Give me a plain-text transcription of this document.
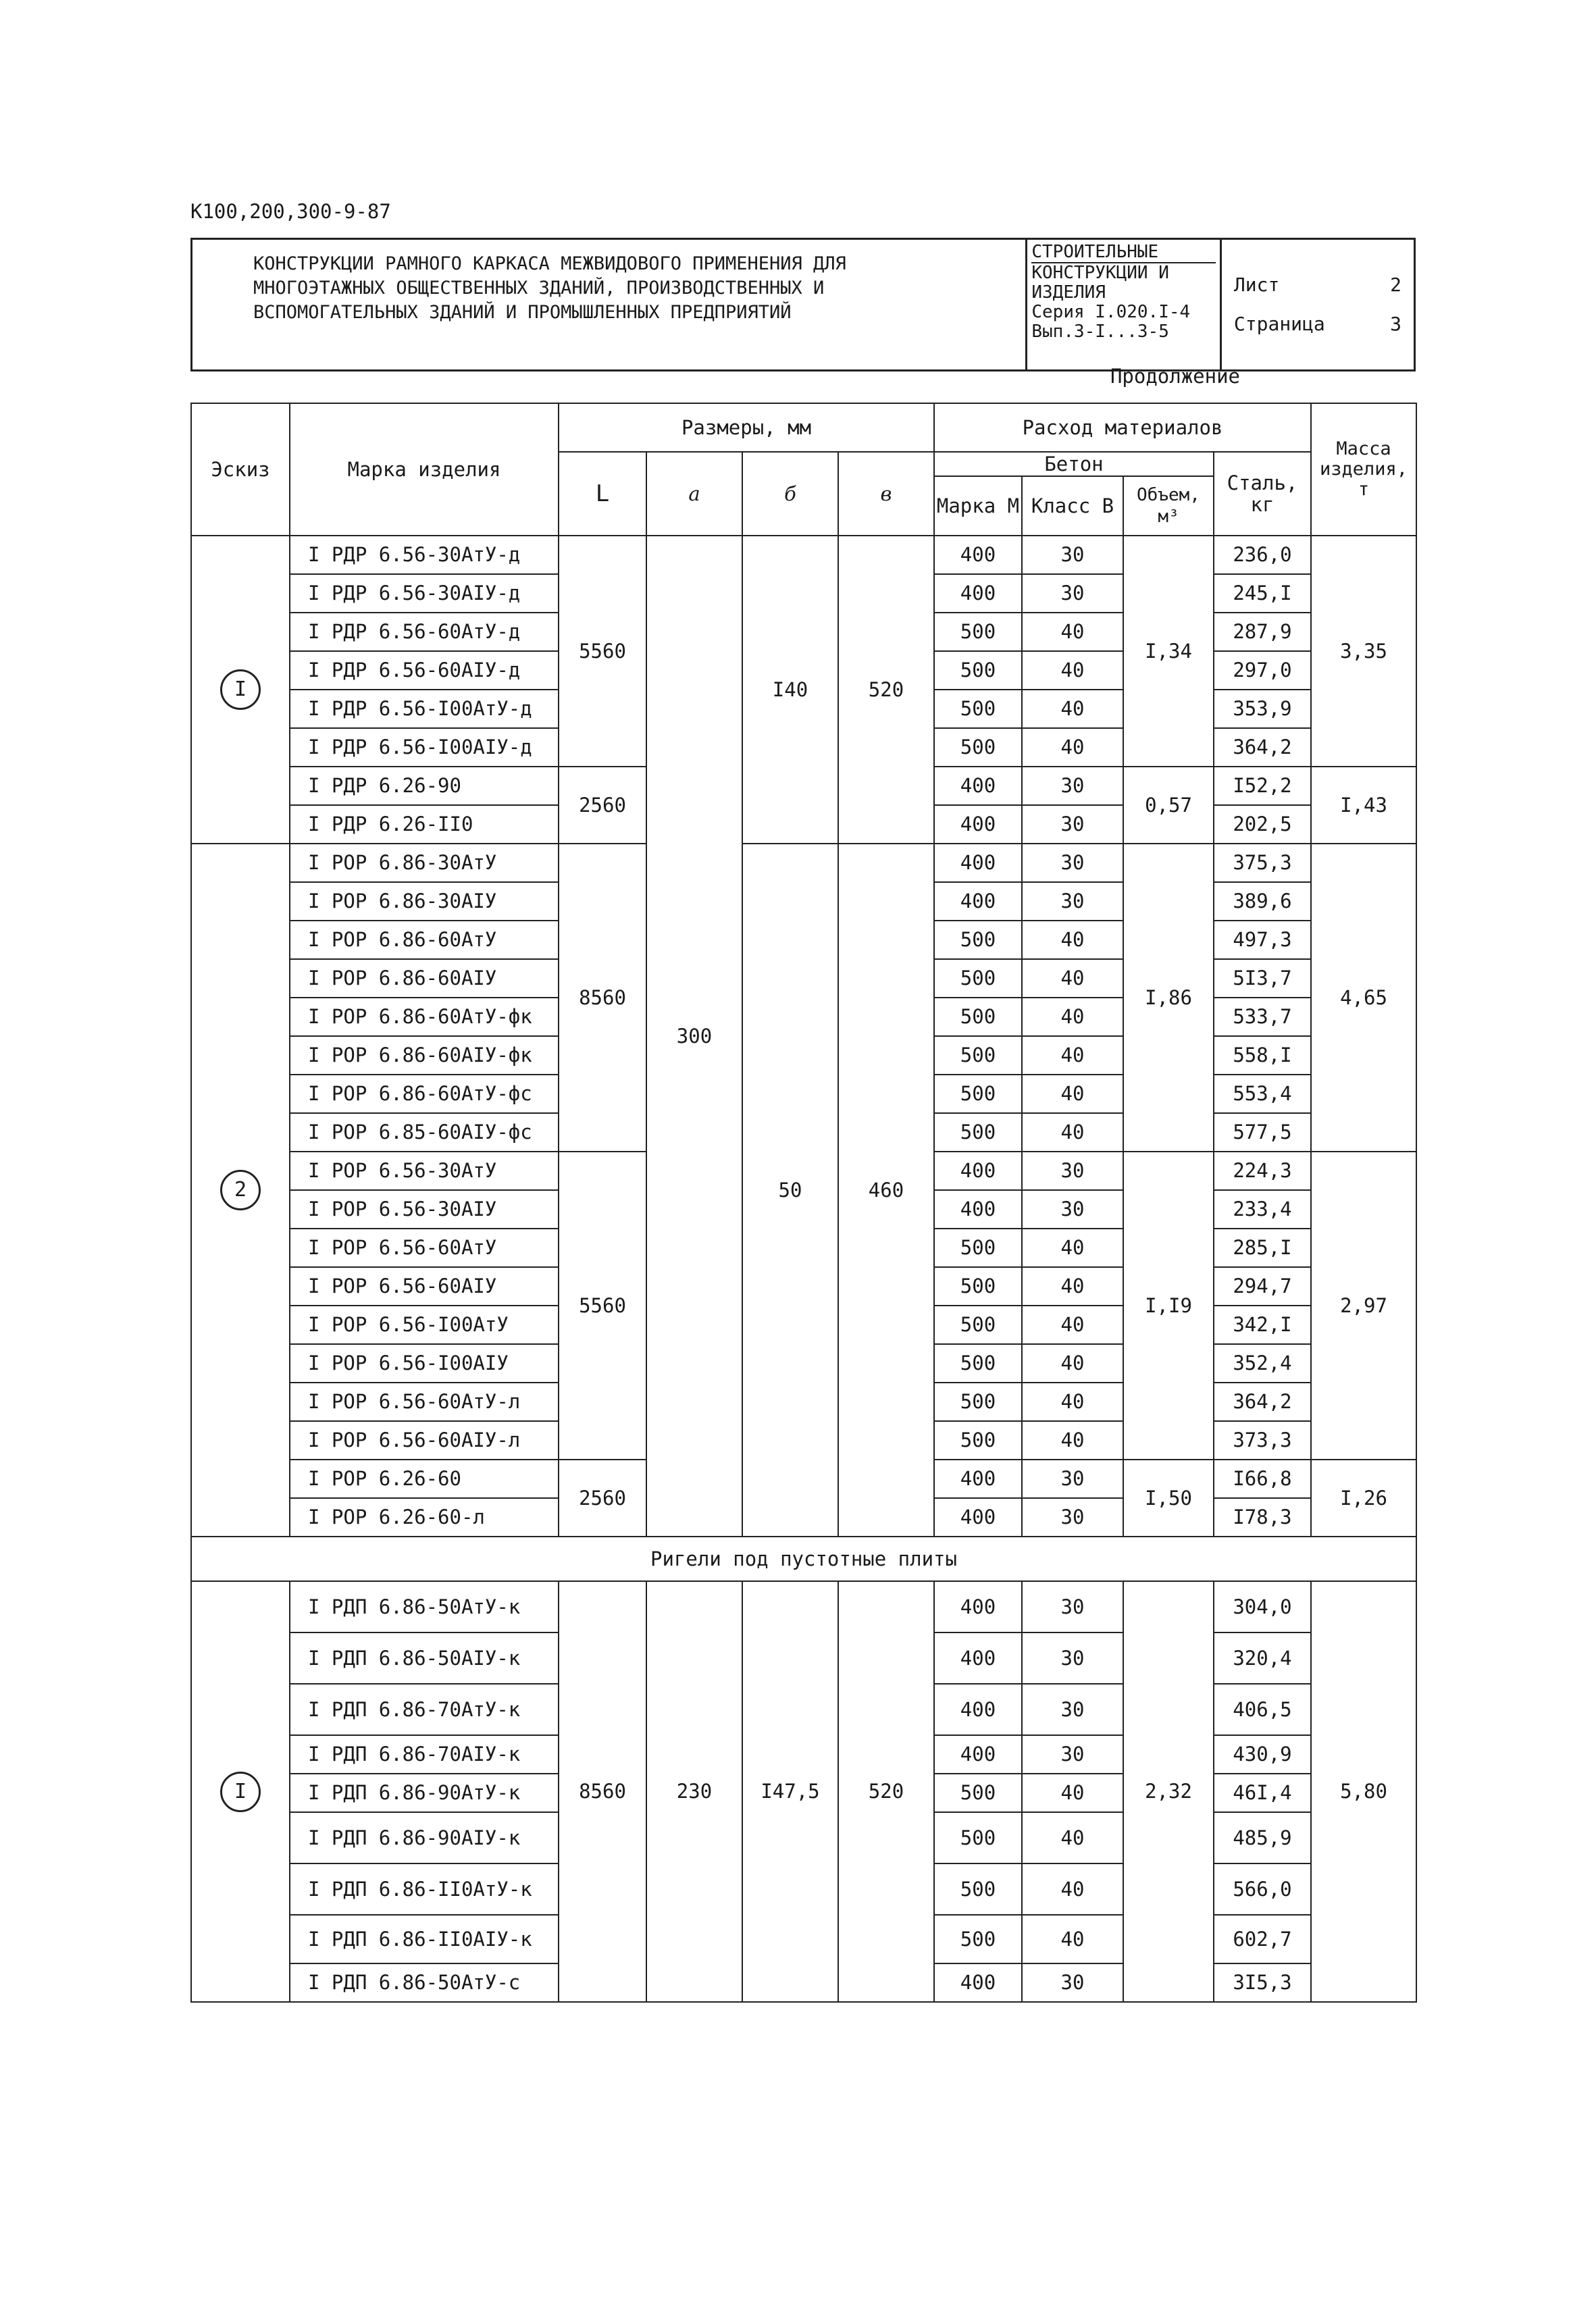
К100,200,300-9-87
КОНСТРУКЦИИ РАМНОГО КАРКАСА МЕЖВИДОВОГО ПРИМЕНЕНИЯ ДЛЯ
МНОГОЭТАЖНЫХ ОБЩЕСТВЕННЫХ ЗДАНИЙ, ПРОИЗВОДСТВЕННЫХ И
ВСПОМОГАТЕЛЬНЫХ ЗДАНИЙ И ПРОМЫШЛЕННЫХ ПРЕДПРИЯТИЙ

СТРОИТЕЛЬНЫЕ
КОНСТРУКЦИИ И
ИЗДЕЛИЯ
Серия I.020.I-4
Вып.3-I...3-5

Лист	2
Страница	3
Продолжение
Эскиз	Марка изделия	Размеры, мм				Расход материалов				Масса изделия, т
		L	a	б	в	Бетон			Сталь, кг	
						Марка М	Класс В	Объем, м³		
I	I РДР 6.56-30АтУ-д	5560	300	I40	520	400	30	I,34	236,0	3,35
	I РДР 6.56-30АIУ-д					400	30		245,I	
	I РДР 6.56-60АтУ-д					500	40		287,9	
	I РДР 6.56-60АIУ-д					500	40		297,0	
	I РДР 6.56-I00АтУ-д					500	40		353,9	
	I РДР 6.56-I00АIУ-д					500	40		364,2	
	I РДР 6.26-90	2560				400	30	0,57	I52,2	I,43
	I РДР 6.26-II0					400	30		202,5	
2	I РОР 6.86-30АтУ	8560		50	460	400	30	I,86	375,3	4,65
	I РОР 6.86-30АIУ					400	30		389,6	
	I РОР 6.86-60АтУ					500	40		497,3	
	I РОР 6.86-60АIУ					500	40		5I3,7	
	I РОР 6.86-60АтУ-фк					500	40		533,7	
	I РОР 6.86-60АIУ-фк					500	40		558,I	
	I РОР 6.86-60АтУ-фс					500	40		553,4	
	I РОР 6.85-60АIУ-фс					500	40		577,5	
	I РОР 6.56-30АтУ	5560				400	30	I,I9	224,3	2,97
	I РОР 6.56-30АIУ					400	30		233,4	
	I РОР 6.56-60АтУ					500	40		285,I	
	I РОР 6.56-60АIУ					500	40		294,7	
	I РОР 6.56-I00АтУ					500	40		342,I	
	I РОР 6.56-I00АIУ					500	40		352,4	
	I РОР 6.56-60АтУ-л					500	40		364,2	
	I РОР 6.56-60АIУ-л					500	40		373,3	
	I РОР 6.26-60	2560				400	30	I,50	I66,8	I,26
	I РОР 6.26-60-л					400	30		I78,3	
Ригели под пустотные плиты										
I	I РДП 6.86-50АтУ-к	8560	230	I47,5	520	400	30	2,32	304,0	5,80
	I РДП 6.86-50АIУ-к					400	30		320,4	
	I РДП 6.86-70АтУ-к					400	30		406,5	
	I РДП 6.86-70АIУ-к					400	30		430,9	
	I РДП 6.86-90АтУ-к					500	40		46I,4	
	I РДП 6.86-90АIУ-к					500	40		485,9	
	I РДП 6.86-II0АтУ-к					500	40		566,0	
	I РДП 6.86-II0АIУ-к					500	40		602,7	
	I РДП 6.86-50АтУ-с					400	30		3I5,3	
